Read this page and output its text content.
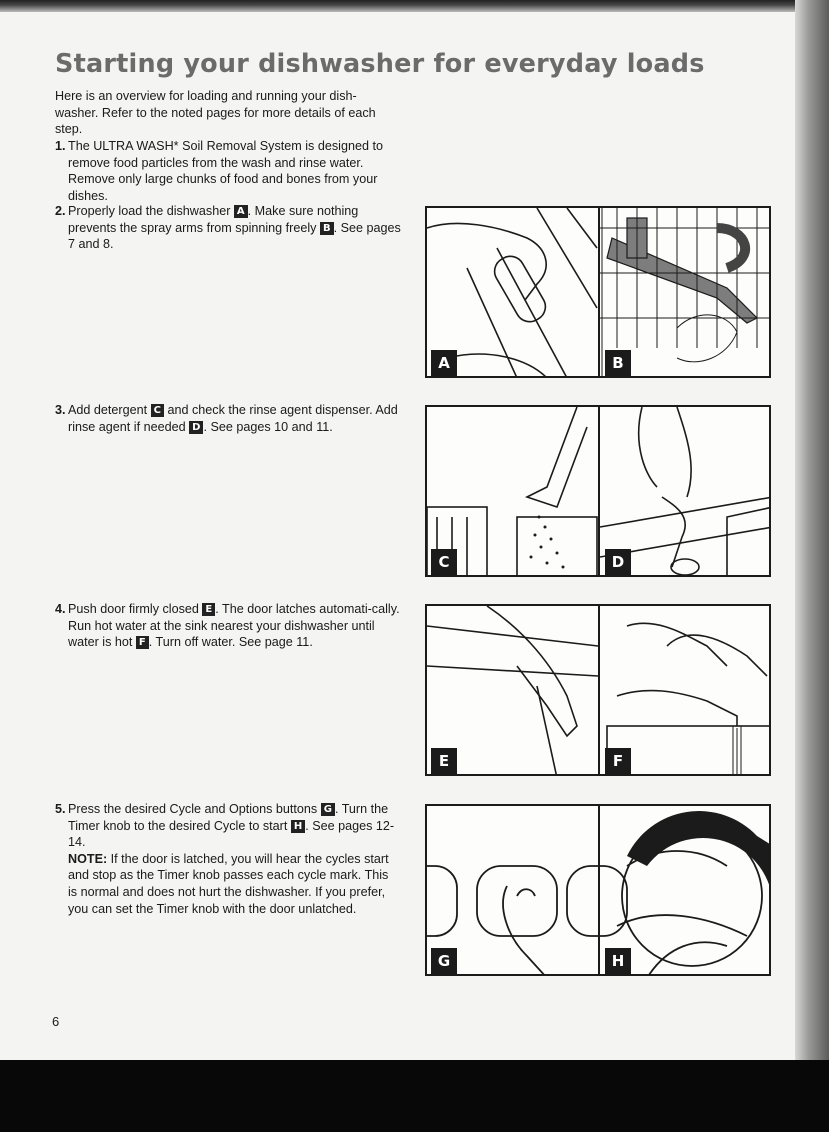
Starting your dishwasher for everyday loads

Here is an overview for loading and running your dish-washer. Refer to the noted pages for more details of each step.

1. The ULTRA WASH* Soil Removal System is designed to remove food particles from the wash and rinse water. Remove only large chunks of food and bones from your dishes.
2. Properly load the dishwasher A . Make sure nothing prevents the spray arms from spinning freely B . See pages 7 and 8.
3. Add detergent C and check the rinse agent dispenser. Add rinse agent if needed D . See pages 10 and 11.
4. Push door firmly closed E . The door latches automati-cally. Run hot water at the sink nearest your dishwasher until water is hot F . Turn off water. See page 11.
5. Press the desired Cycle and Options buttons G . Turn the Timer knob to the desired Cycle to start H . See pages 12-14.
NOTE: If the door is latched, you will hear the cycles start and stop as the Timer knob passes each cycle mark. This is normal and does not hurt the dishwasher. If you prefer, you can set the Timer knob with the door unlatched.
A	B
C	D
E	F
G	H
6
